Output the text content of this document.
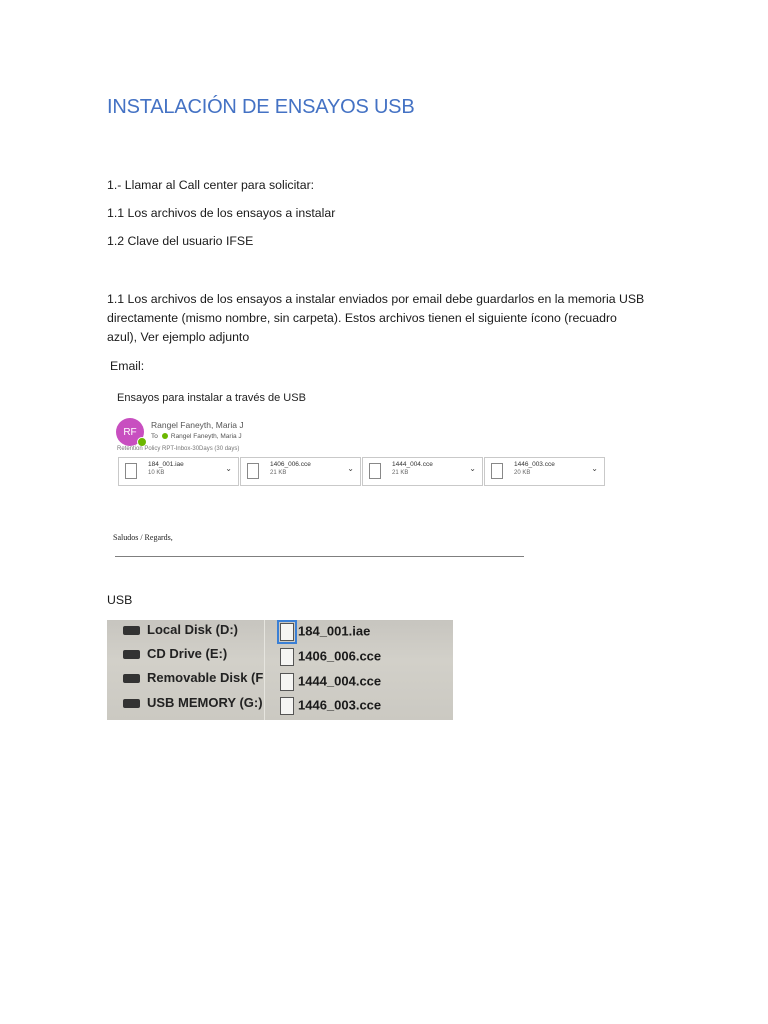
INSTALACIÓN DE ENSAYOS USB
1.- Llamar al Call center para solicitar:
1.1 Los archivos de los ensayos a instalar
1.2 Clave del usuario IFSE
1.1 Los archivos de los ensayos a instalar enviados por email debe guardarlos en la memoria USB
directamente (mismo nombre, sin carpeta). Estos archivos tienen el siguiente ícono (recuadro
azul), Ver ejemplo adjunto
Email:
Ensayos para instalar a través de USB
RF
Rangel Faneyth, Maria J
To Rangel Faneyth, Maria J
Retention Policy RPT-Inbox-30Days (30 days)
184_001.iae
10 KB	⌄	1406_006.cce
21 KB	⌄	1444_004.cce
21 KB	⌄	1446_003.cce
20 KB	⌄
Saludos / Regards,
USB
Local Disk (D:)
CD Drive (E:)
Removable Disk (F
USB MEMORY (G:)
184_001.iae
1406_006.cce
1444_004.cce
1446_003.cce
